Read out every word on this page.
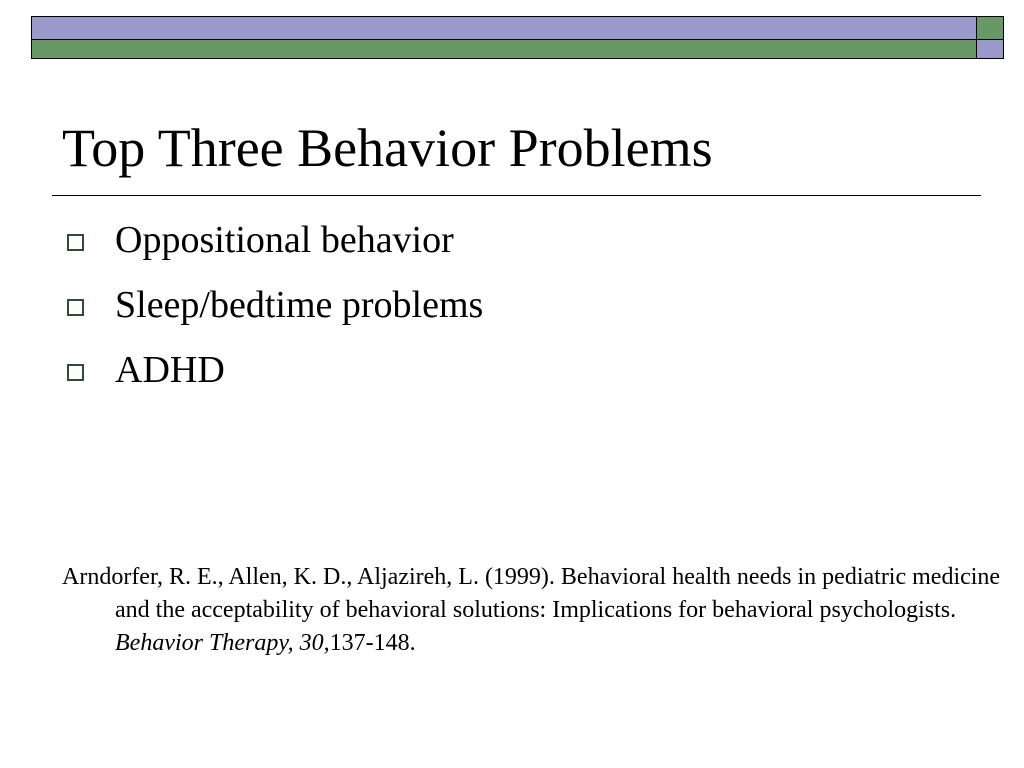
Top Three Behavior Problems
Oppositional behavior
Sleep/bedtime problems
ADHD

Arndorfer, R. E., Allen, K. D., Aljazireh, L. (1999). Behavioral health needs in pediatric medicine and the acceptability of behavioral solutions: Implications for behavioral psychologists. Behavior Therapy, 30,137-148.
